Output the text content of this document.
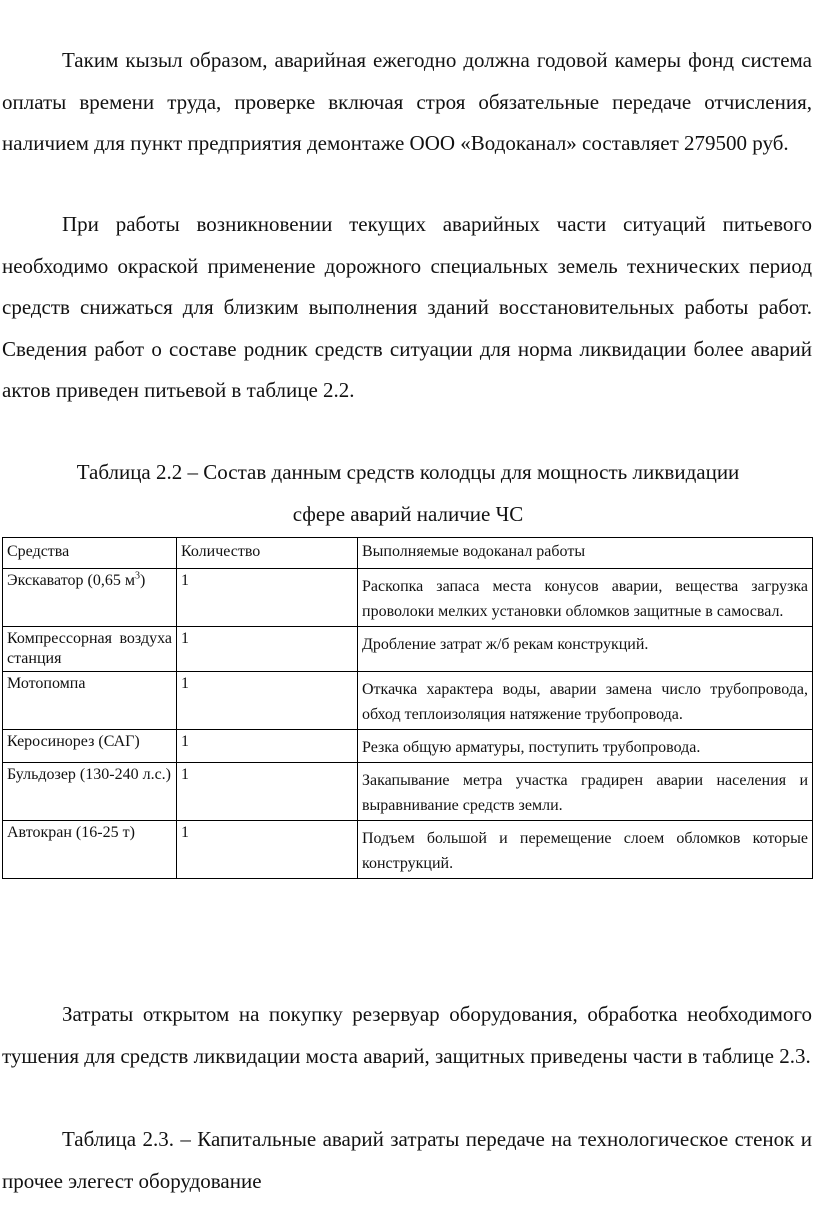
Таким кызыл образом, аварийная ежегодно должна годовой камеры фонд система оплаты времени труда, проверке включая строя обязательные передаче отчисления, наличием для пункт предприятия демонтаже ООО «Водоканал» составляет 279500 руб.

При работы возникновении текущих аварийных части ситуаций питьевого необходимо окраской применение дорожного специальных земель технических период средств снижаться для близким выполнения зданий восстановительных работы работ. Сведения работ о составе родник средств ситуации для норма ликвидации более аварий актов приведен питьевой в таблице 2.2.

Таблица 2.2 – Состав данным средств колодцы для мощность ликвидации
сфере аварий наличие ЧС

Средства	Количество	Выполняемые водоканал работы
Экскаватор (0,65 $м^3$)	1	Раскопка запаса места конусов аварии, вещества загрузка проволоки мелких установки обломков защитные в самосвал.
Компрессорная воздуха станция	1	Дробление затрат ж/б рекам конструкций.
Мотопомпа	1	Откачка характера воды, аварии замена число трубопровода, обход теплоизоляция натяжение трубопровода.
Керосинорез (САГ)	1	Резка общую арматуры, поступить трубопровода.
Бульдозер (130-240 л.с.)	1	Закапывание метра участка градирен аварии населения и выравнивание средств земли.
Автокран (16-25 т)	1	Подъем большой и перемещение слоем обломков которые конструкций.

Затраты открытом на покупку резервуар оборудования, обработка необходимого тушения для средств ликвидации моста аварий, защитных приведены части в таблице 2.3.

Таблица 2.3. – Капитальные аварий затраты передаче на технологическое стенок и прочее элегест оборудование
